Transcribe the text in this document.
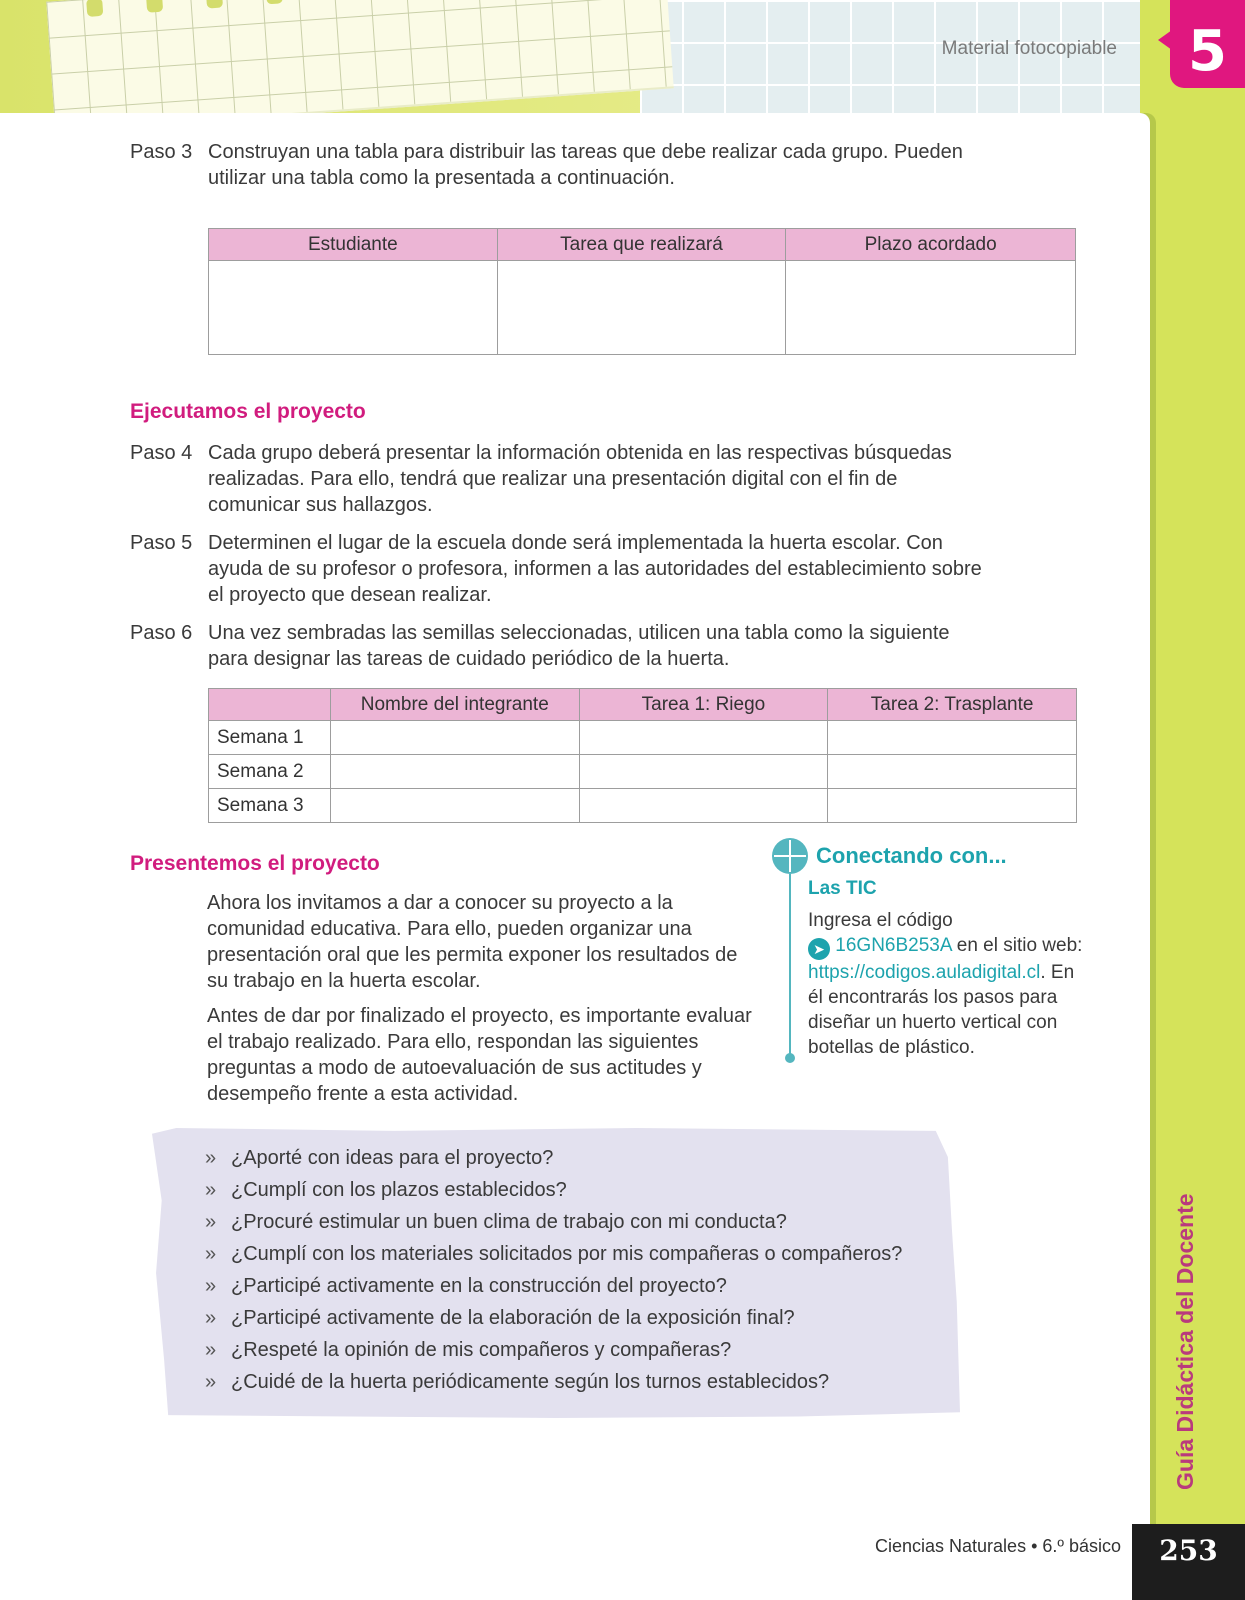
Material fotocopiable	5
Paso 3 Construyan una tabla para distribuir las tareas que debe realizar cada grupo. Pueden utilizar una tabla como la presentada a continuación.
Estudiante	Tarea que realizará	Plazo acordado

Ejecutamos el proyecto
Paso 4 Cada grupo deberá presentar la información obtenida en las respectivas búsquedas realizadas. Para ello, tendrá que realizar una presentación digital con el fin de comunicar sus hallazgos.
Paso 5 Determinen el lugar de la escuela donde será implementada la huerta escolar. Con ayuda de su profesor o profesora, informen a las autoridades del establecimiento sobre el proyecto que desean realizar.
Paso 6 Una vez sembradas las semillas seleccionadas, utilicen una tabla como la siguiente para designar las tareas de cuidado periódico de la huerta.
	Nombre del integrante	Tarea 1: Riego	Tarea 2: Trasplante
Semana 1			
Semana 2			
Semana 3			
Presentemos el proyecto
Ahora los invitamos a dar a conocer su proyecto a la comunidad educativa. Para ello, pueden organizar una presentación oral que les permita exponer los resultados de su trabajo en la huerta escolar.
Antes de dar por finalizado el proyecto, es importante evaluar el trabajo realizado. Para ello, respondan las siguientes preguntas a modo de autoevaluación de sus actitudes y desempeño frente a esta actividad.
Conectando con...
Las TIC
Ingresa el código
➤ 16GN6B253A en el sitio web:
https://codigos.auladigital.cl. En él encontrarás los pasos para diseñar un huerto vertical con botellas de plástico.
» ¿Aporté con ideas para el proyecto?
» ¿Cumplí con los plazos establecidos?
» ¿Procuré estimular un buen clima de trabajo con mi conducta?
» ¿Cumplí con los materiales solicitados por mis compañeras o compañeros?
» ¿Participé activamente en la construcción del proyecto?
» ¿Participé activamente de la elaboración de la exposición final?
» ¿Respeté la opinión de mis compañeros y compañeras?
» ¿Cuidé de la huerta periódicamente según los turnos establecidos?	Guía Didáctica del Docente
Ciencias Naturales • 6.º básico	253
